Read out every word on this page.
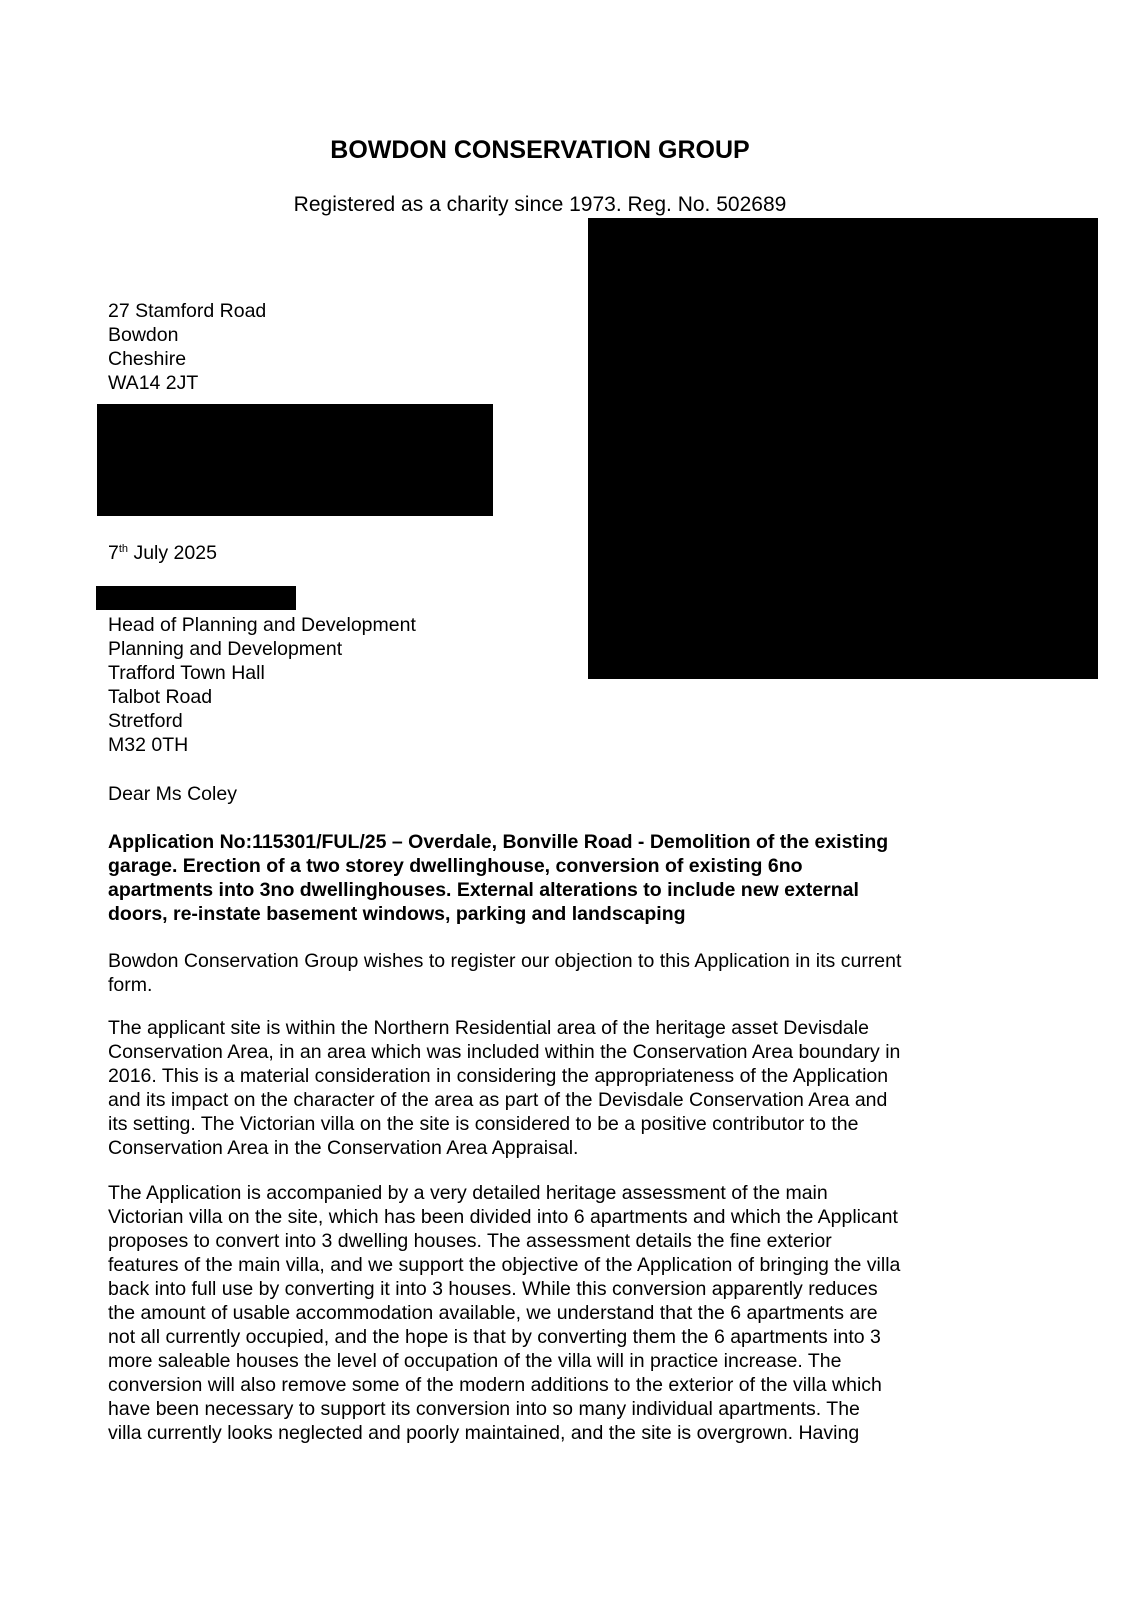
BOWDON CONSERVATION GROUP

Registered as a charity since 1973. Reg. No. 502689

27 Stamford Road
Bowdon
Cheshire
WA14 2JT

7th July 2025

Head of Planning and Development
Planning and Development
Trafford Town Hall
Talbot Road
Stretford
M32 0TH

Dear Ms Coley

Application No:115301/FUL/25 – Overdale, Bonville Road - Demolition of the existing
garage. Erection of a two storey dwellinghouse, conversion of existing 6no
apartments into 3no dwellinghouses. External alterations to include new external
doors, re-instate basement windows, parking and landscaping
Bowdon Conservation Group wishes to register our objection to this Application in its current
form.
The applicant site is within the Northern Residential area of the heritage asset Devisdale
Conservation Area, in an area which was included within the Conservation Area boundary in
2016. This is a material consideration in considering the appropriateness of the Application
and its impact on the character of the area as part of the Devisdale Conservation Area and
its setting. The Victorian villa on the site is considered to be a positive contributor to the
Conservation Area in the Conservation Area Appraisal.
The Application is accompanied by a very detailed heritage assessment of the main
Victorian villa on the site, which has been divided into 6 apartments and which the Applicant
proposes to convert into 3 dwelling houses. The assessment details the fine exterior
features of the main villa, and we support the objective of the Application of bringing the villa
back into full use by converting it into 3 houses. While this conversion apparently reduces
the amount of usable accommodation available, we understand that the 6 apartments are
not all currently occupied, and the hope is that by converting them the 6 apartments into 3
more saleable houses the level of occupation of the villa will in practice increase. The
conversion will also remove some of the modern additions to the exterior of the villa which
have been necessary to support its conversion into so many individual apartments. The
villa currently looks neglected and poorly maintained, and the site is overgrown. Having
